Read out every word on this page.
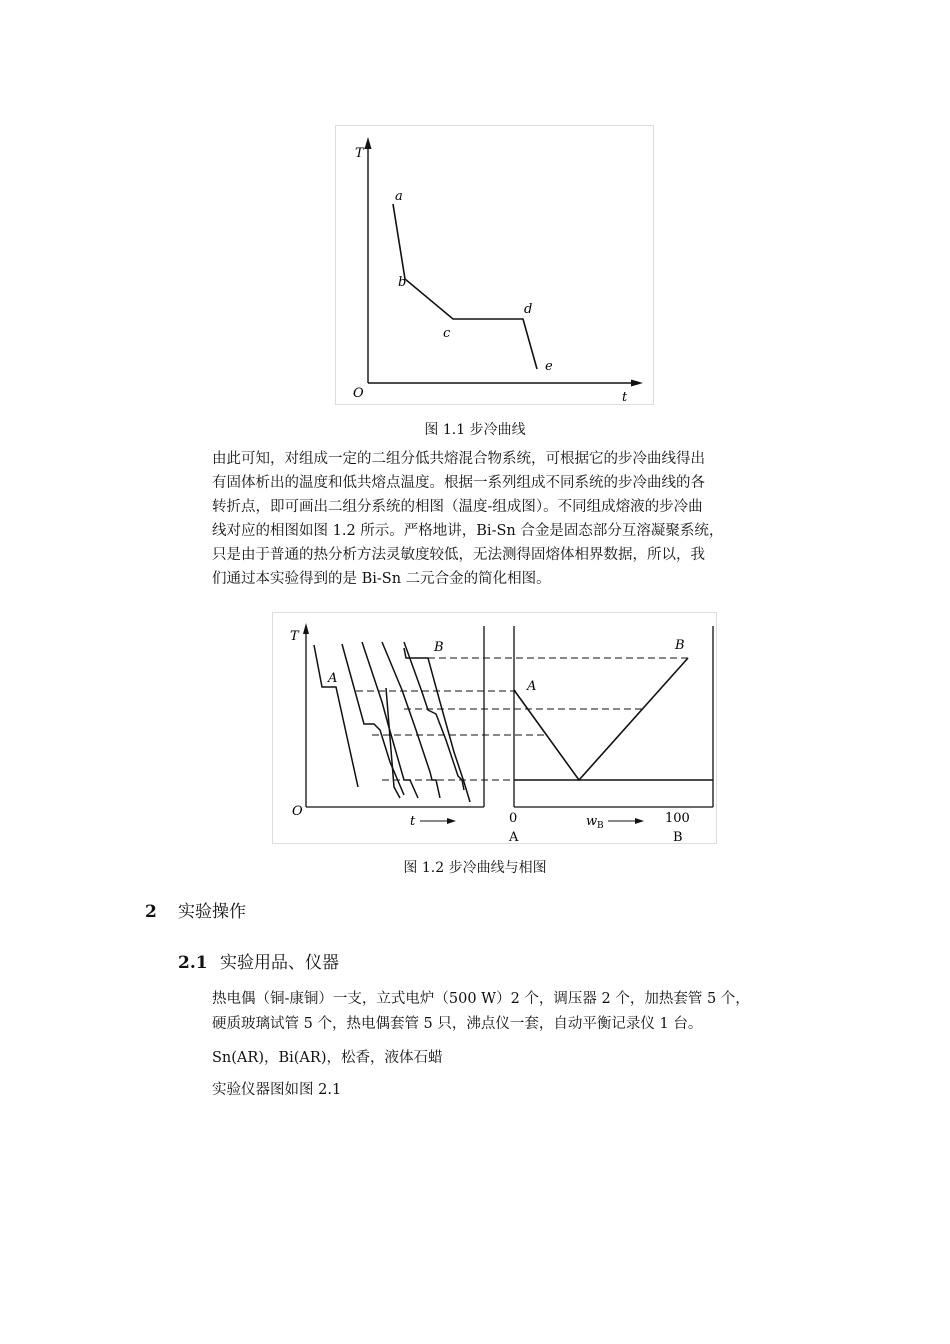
T
t
O
a
b
c
d
e
图 1.1 步冷曲线

由此可知，对组成一定的二组分低共熔混合物系统，可根据它的步冷曲线得出

有固体析出的温度和低共熔点温度。根据一系列组成不同系统的步冷曲线的各

转折点，即可画出二组分系统的相图（温度-组成图）。不同组成熔液的步冷曲

线对应的相图如图 1.2 所示。严格地讲，Bi-Sn 合金是固态部分互溶凝聚系统，

只是由于普通的热分析方法灵敏度较低，无法测得固熔体相界数据，所以，我

们通过本实验得到的是 Bi-Sn 二元合金的简化相图。

T
O
t
A
B
A
B
0	100
w B
A	B
图 1.2 步冷曲线与相图
2 实验操作
2.1 实验用品、仪器

热电偶（铜-康铜）一支，立式电炉（500 W）2 个，调压器 2 个，加热套管 5 个，

硬质玻璃试管 5 个，热电偶套管 5 只，沸点仪一套，自动平衡记录仪 1 台。

Sn(AR)，Bi(AR)，松香，液体石蜡
实验仪器图如图 2.1
